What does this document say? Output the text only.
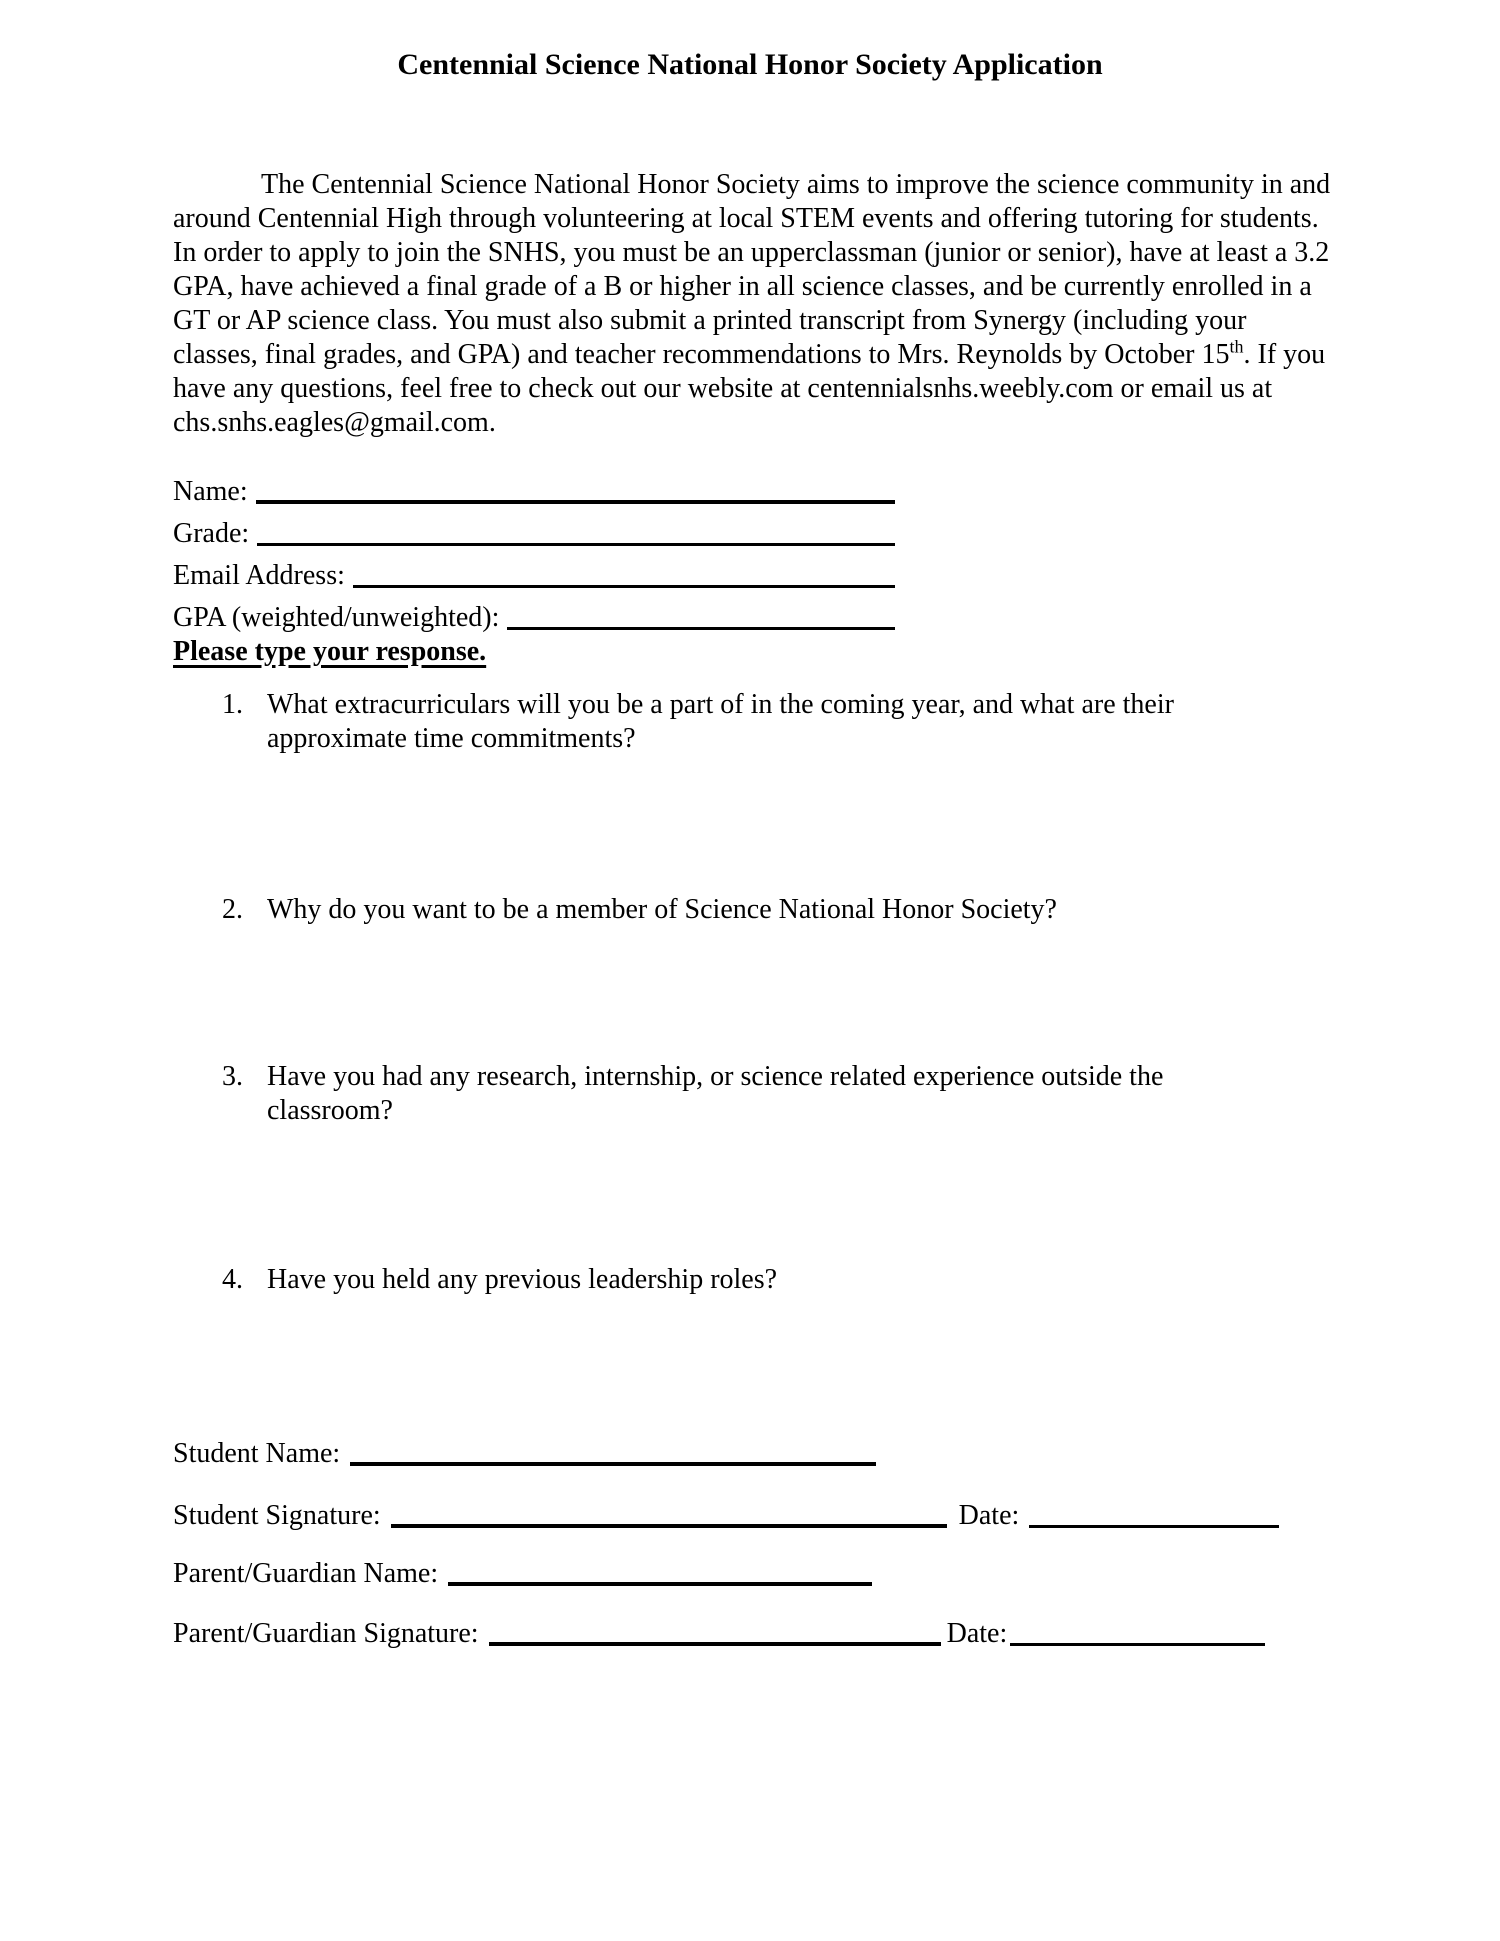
Centennial Science National Honor Society Application

The Centennial Science National Honor Society aims to improve the science community in and around Centennial High through volunteering at local STEM events and offering tutoring for students. In order to apply to join the SNHS, you must be an upperclassman (junior or senior), have at least a 3.2 GPA, have achieved a final grade of a B or higher in all science classes, and be currently enrolled in a GT or AP science class. You must also submit a printed transcript from Synergy (including your classes, final grades, and GPA) and teacher recommendations to Mrs. Reynolds by October 15th. If you have any questions, feel free to check out our website at centennialsnhs.weebly.com or email us at chs.snhs.eagles@gmail.com.

Name:
Grade:
Email Address:
GPA (weighted/unweighted):
Please type your response.
1. What extracurriculars will you be a part of in the coming year, and what are their approximate time commitments?
2. Why do you want to be a member of Science National Honor Society?
3. Have you had any research, internship, or science related experience outside the classroom?
4. Have you held any previous leadership roles?
Student Name:
Student Signature:	Date:
Parent/Guardian Name:
Parent/Guardian Signature:	Date:
